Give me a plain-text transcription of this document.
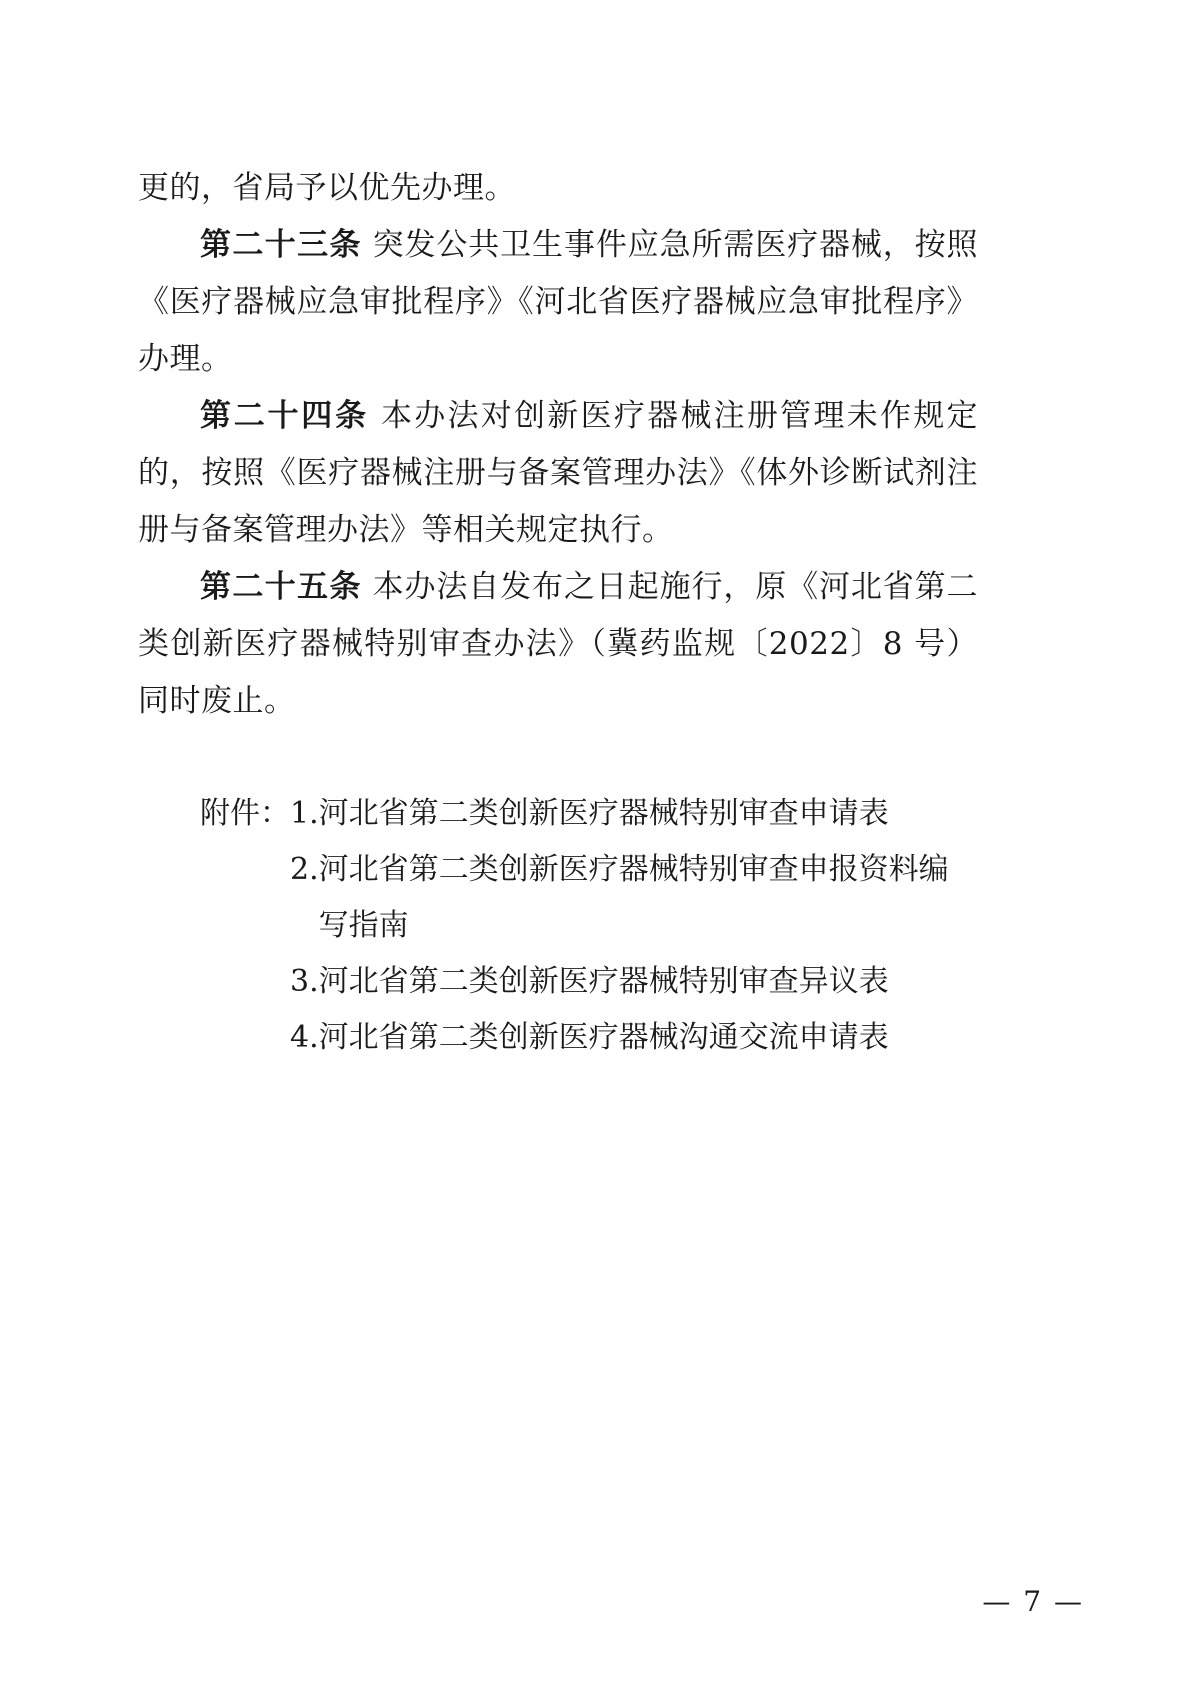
更的，省局予以优先办理。

第二十三条 突发公共卫生事件应急所需医疗器械，按照《医疗器械应急审批程序》《河北省医疗器械应急审批程序》办理。

第二十四条 本办法对创新医疗器械注册管理未作规定的，按照《医疗器械注册与备案管理办法》《体外诊断试剂注册与备案管理办法》等相关规定执行。

第二十五条 本办法自发布之日起施行，原《河北省第二类创新医疗器械特别审查办法》（冀药监规〔2022〕8 号）同时废止。

附件： 1. 河北省第二类创新医疗器械特别审查申请表
2. 河北省第二类创新医疗器械特别审查申报资料编写指南
3. 河北省第二类创新医疗器械特别审查异议表
4. 河北省第二类创新医疗器械沟通交流申请表
— 7 —
